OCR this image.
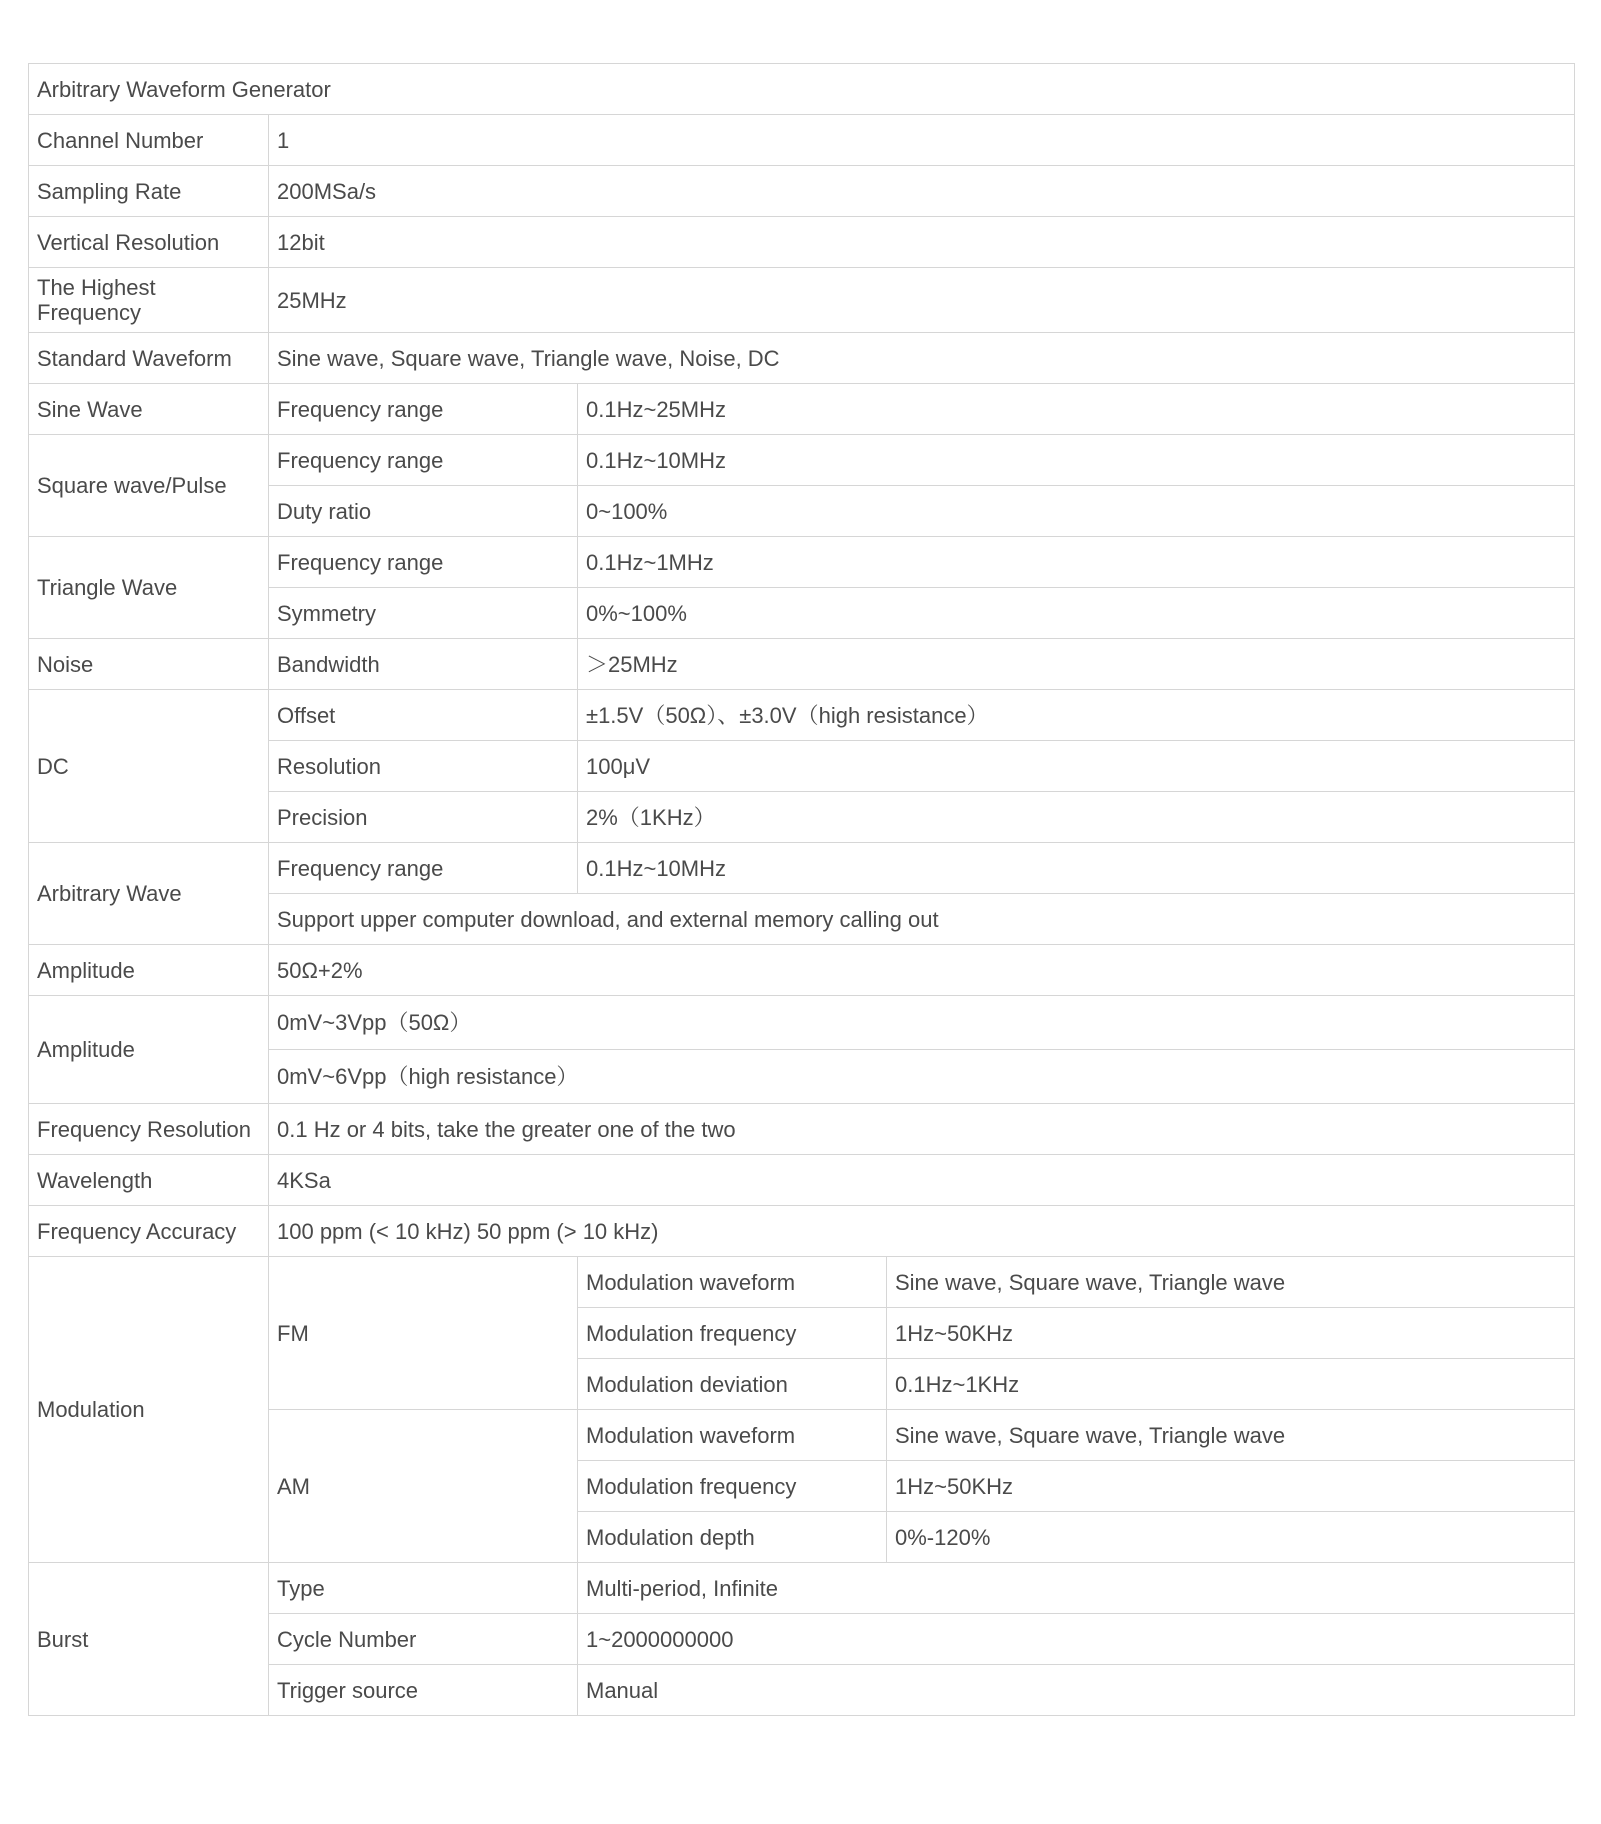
Arbitrary Waveform Generator			
Channel Number	1		
Sampling Rate	200MSa/s		
Vertical Resolution	12bit		
The Highest Frequency	25MHz		
Standard Waveform	Sine wave, Square wave, Triangle wave, Noise, DC		
Sine Wave	Frequency range	0.1Hz~25MHz	
Square wave/Pulse	Frequency range	0.1Hz~10MHz	
	Duty ratio	0~100%	
Triangle Wave	Frequency range	0.1Hz~1MHz	
	Symmetry	0%~100%	
Noise	Bandwidth	＞25MHz	
DC	Offset	±1.5V（50Ω）、±3.0V（high resistance）	
	Resolution	100μV	
	Precision	2%（1KHz）	
Arbitrary Wave	Frequency range	0.1Hz~10MHz	
	Support upper computer download, and external memory calling out		
Amplitude	50Ω+2%		
Amplitude	0mV~3Vpp（50Ω）		
	0mV~6Vpp（high resistance）		
Frequency Resolution	0.1 Hz or 4 bits, take the greater one of the two		
Wavelength	4KSa		
Frequency Accuracy	100 ppm (< 10 kHz) 50 ppm (> 10 kHz)		
Modulation	FM	Modulation waveform	Sine wave, Square wave, Triangle wave
		Modulation frequency	1Hz~50KHz
		Modulation deviation	0.1Hz~1KHz
	AM	Modulation waveform	Sine wave, Square wave, Triangle wave
		Modulation frequency	1Hz~50KHz
		Modulation depth	0%-120%
Burst	Type	Multi-period, Infinite	
	Cycle Number	1~2000000000	
	Trigger source	Manual	
